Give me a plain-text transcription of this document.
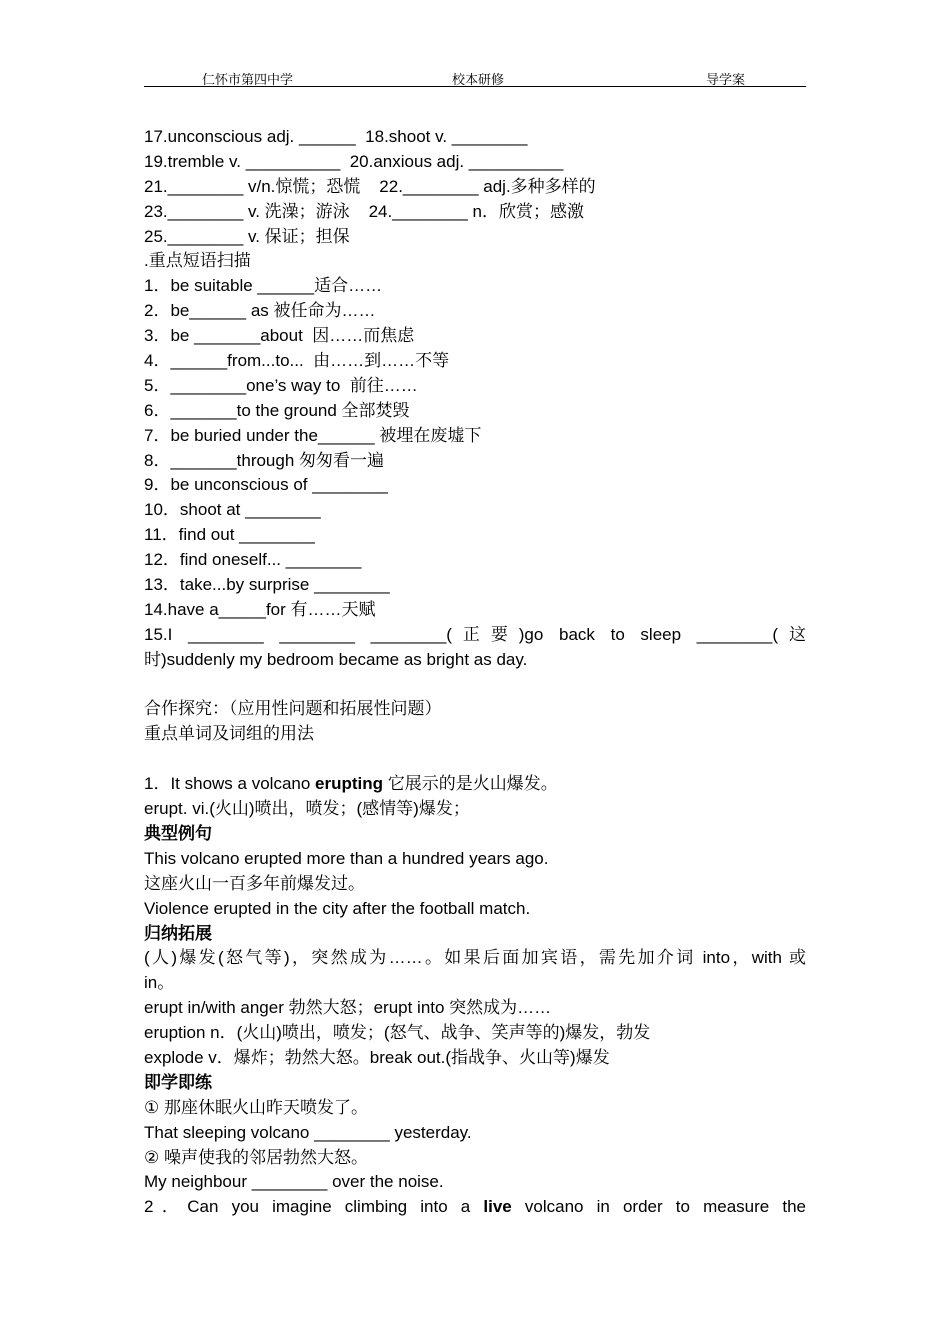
仁怀市第四中学	校本研修	导学案
17.unconscious adj. ______  18.shoot v. ________
19.tremble v. __________  20.anxious adj. __________
21.________ v/n.惊慌；恐慌    22.________ adj.多种多样的
23.________ v. 洗澡；游泳    24.________ n．欣赏；感激
25.________ v. 保证；担保
.重点短语扫描
1．be suitable ______适合……
2．be______ as 被任命为……
3．be _______about  因……而焦虑
4．______from...to...  由……到……不等
5．________one’s way to  前往……
6．_______to the ground 全部焚毁
7．be buried under the______ 被埋在废墟下
8．_______through 匆匆看一遍
9．be unconscious of ________
10．shoot at ________
11．find out ________
12．find oneself... ________
13．take...by surprise ________
14.have a_____for 有……天赋
15.I ________ ________ ________(正要)go back to sleep ________(这
时)suddenly my bedroom became as bright as day.
合作探究：（应用性问题和拓展性问题）
重点单词及词组的用法
1．It shows a volcano erupting 它展示的是火山爆发。
erupt. vi.(火山)喷出，喷发；(感情等)爆发；
典型例句
This volcano erupted more than a hundred years ago.
这座火山一百多年前爆发过。
Violence erupted in the city after the football match.
归纳拓展
(人)爆发(怒气等)，突然成为……。如果后面加宾语，需先加介词 into，with 或
in。
erupt in/with anger 勃然大怒；erupt into 突然成为……
eruption n．(火山)喷出，喷发；(怒气、战争、笑声等的)爆发，勃发
explode v．爆炸；勃然大怒。break out.(指战争、火山等)爆发
即学即练
① 那座休眠火山昨天喷发了。
That sleeping volcano ________ yesterday.
② 噪声使我的邻居勃然大怒。
My neighbour ________ over the noise.
2．Can you imagine climbing into a live volcano in order to measure the
